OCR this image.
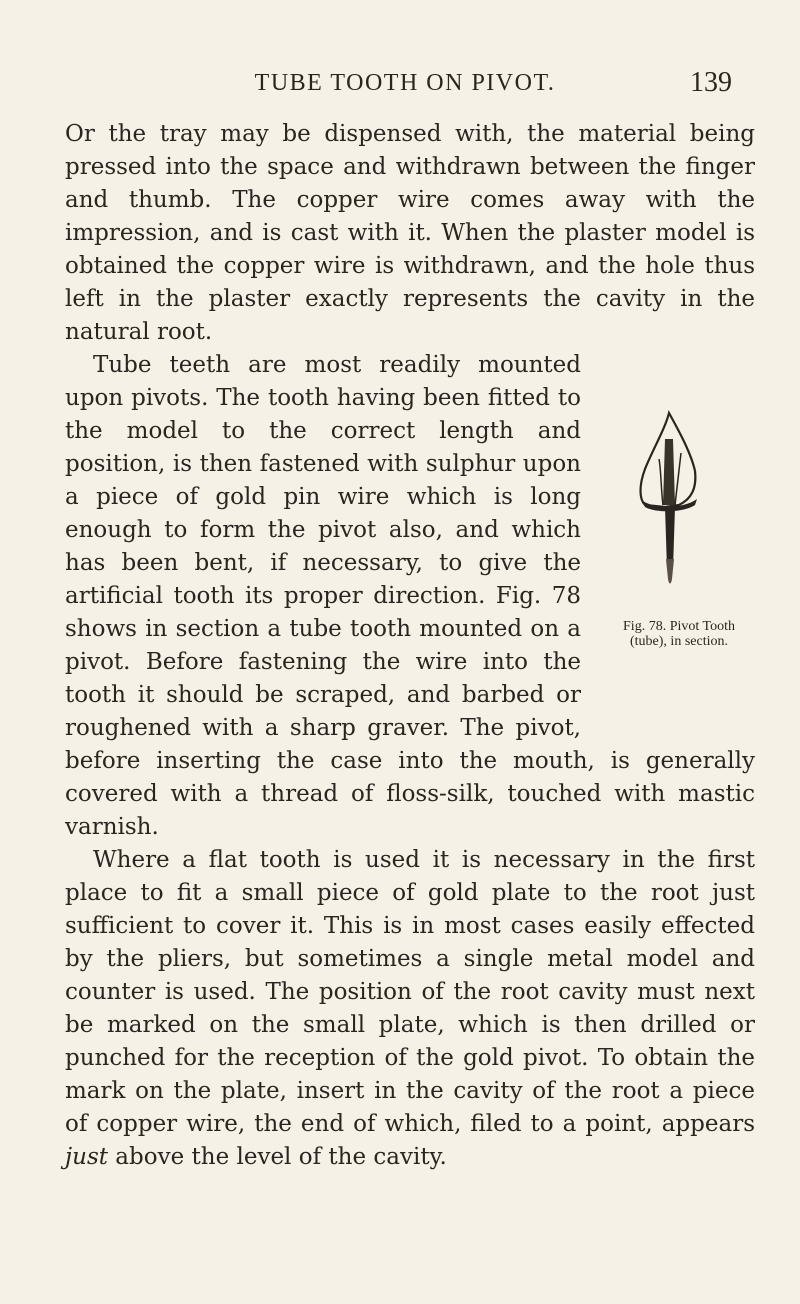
TUBE TOOTH ON PIVOT.	139

Or the tray may be dispensed with, the material being pressed into the space and withdrawn between the finger and thumb. The copper wire comes away with the impression, and is cast with it. When the plaster model is obtained the copper wire is withdrawn, and the hole thus left in the plaster exactly represents the cavity in the natural root.

Fig. 78. Pivot Tooth (tube), in section.

Tube teeth are most readily mounted upon pivots. The tooth having been fitted to the model to the correct length and position, is then fastened with sulphur upon a piece of gold pin wire which is long enough to form the pivot also, and which has been bent, if necessary, to give the artificial tooth its proper direction. Fig. 78 shows in section a tube tooth mounted on a pivot. Before fastening the wire into the tooth it should be scraped, and barbed or roughened with a sharp graver. The pivot, before inserting the case into the mouth, is generally covered with a thread of floss-silk, touched with mastic varnish.

Where a flat tooth is used it is necessary in the first place to fit a small piece of gold plate to the root just sufficient to cover it. This is in most cases easily effected by the pliers, but sometimes a single metal model and counter is used. The position of the root cavity must next be marked on the small plate, which is then drilled or punched for the reception of the gold pivot. To obtain the mark on the plate, insert in the cavity of the root a piece of copper wire, the end of which, filed to a point, appears just above the level of the cavity.
